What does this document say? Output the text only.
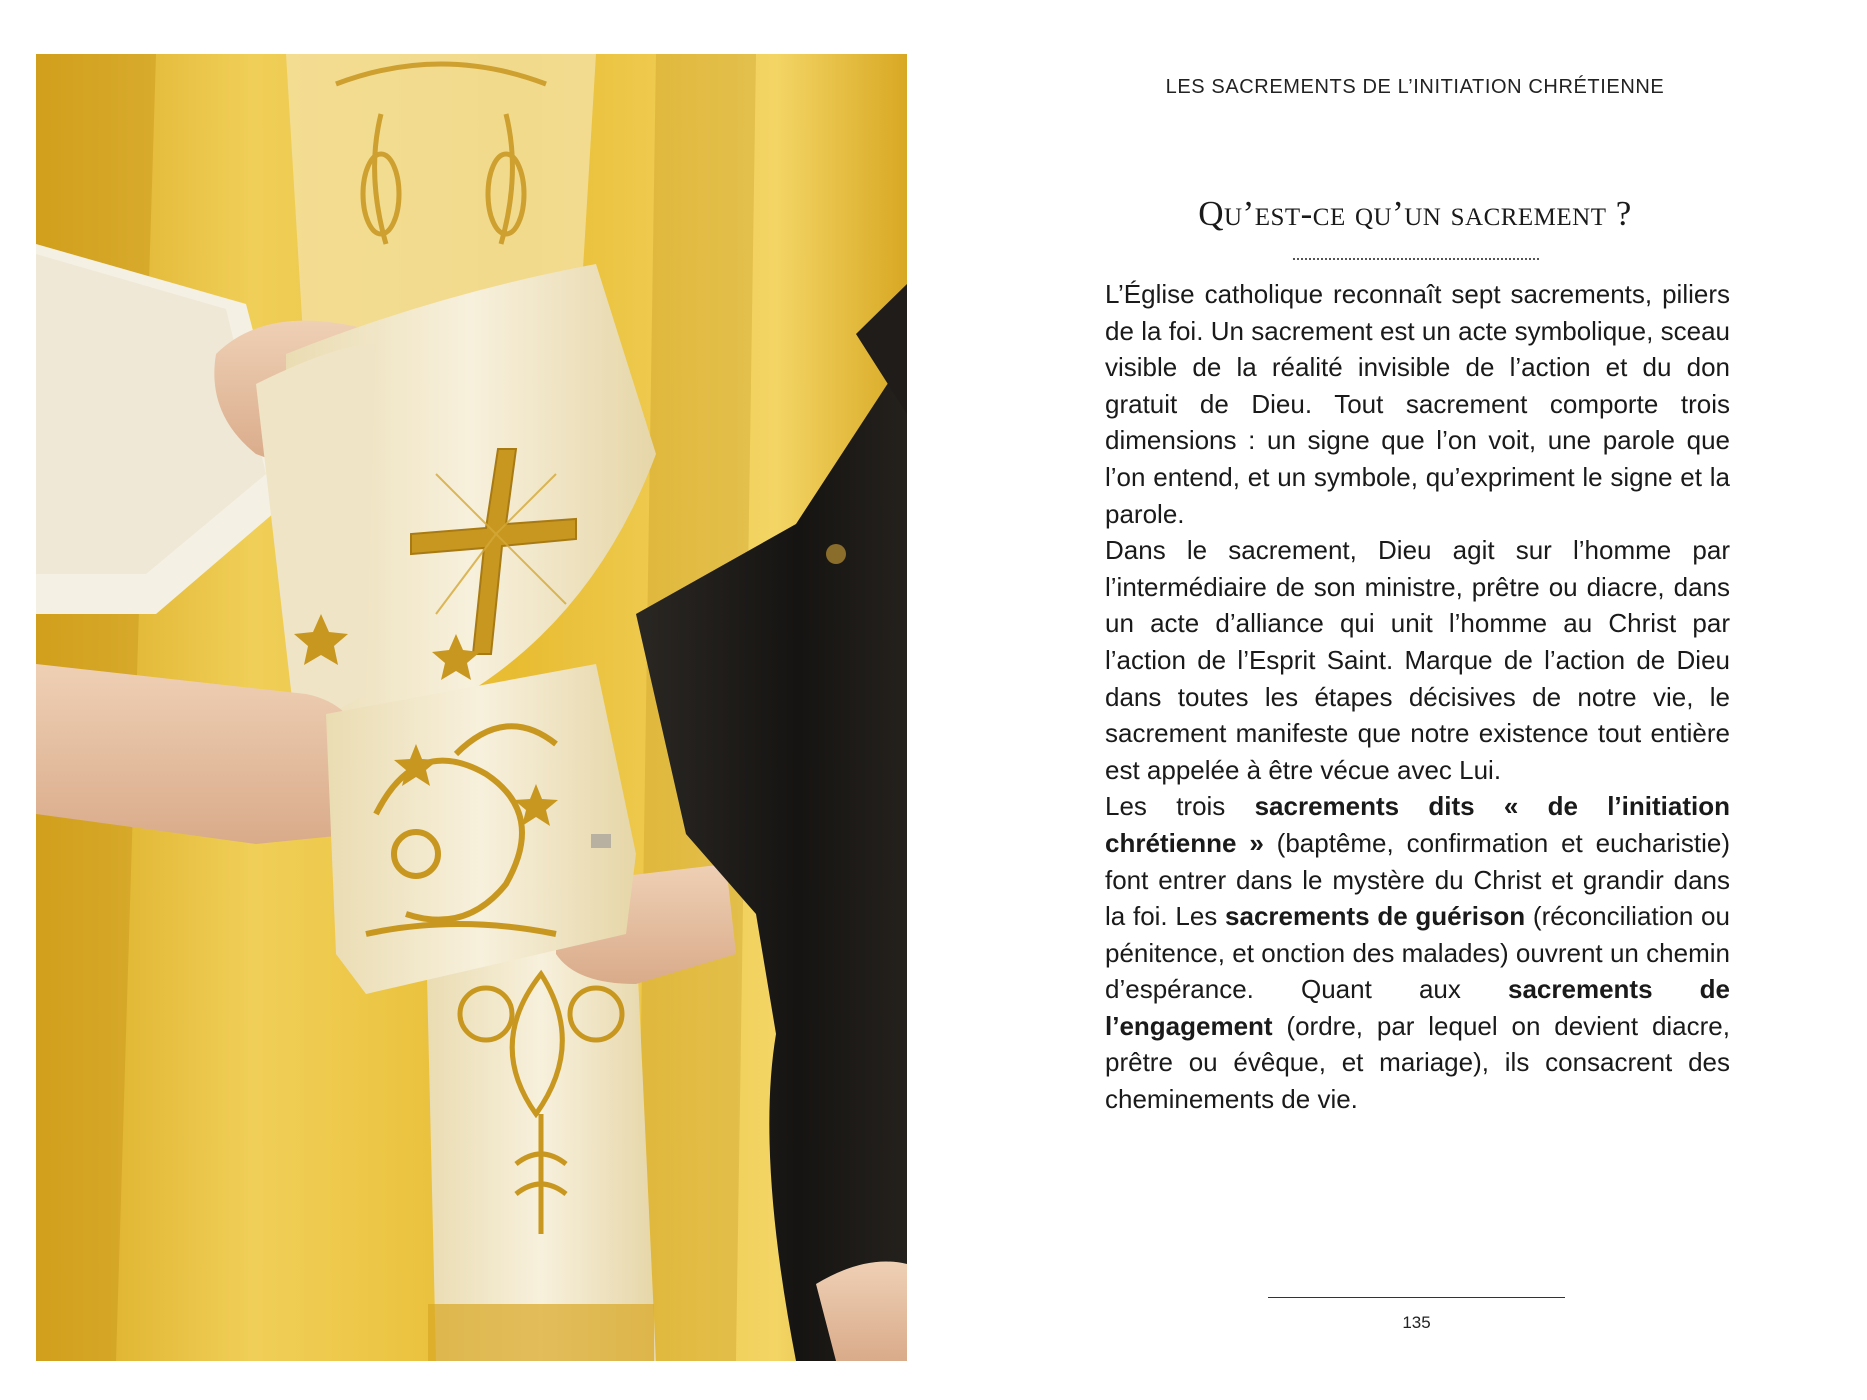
LES SACREMENTS DE L’INITIATION CHRÉTIENNE
Qu’est-ce qu’un sacrement ?

L’Église catholique reconnaît sept sacrements, piliers de la foi. Un sacrement est un acte symbolique, sceau visible de la réalité invisible de l’action et du don gratuit de Dieu. Tout sacrement comporte trois dimensions : un signe que l’on voit, une parole que l’on entend, et un symbole, qu’expriment le signe et la parole.

Dans le sacrement, Dieu agit sur l’homme par l’intermédiaire de son ministre, prêtre ou diacre, dans un acte d’alliance qui unit l’homme au Christ par l’action de l’Esprit Saint. Marque de l’action de Dieu dans toutes les étapes décisives de notre vie, le sacrement manifeste que notre existence tout entière est appelée à être vécue avec Lui.

Les trois sacrements dits « de l’initiation chrétienne » (baptême, confirmation et eucharistie) font entrer dans le mystère du Christ et grandir dans la foi. Les sacrements de guérison (réconciliation ou pénitence, et onction des malades) ouvrent un chemin d’espérance. Quant aux sacrements de l’engagement (ordre, par lequel on devient diacre, prêtre ou évêque, et mariage), ils consacrent des cheminements de vie.

135
